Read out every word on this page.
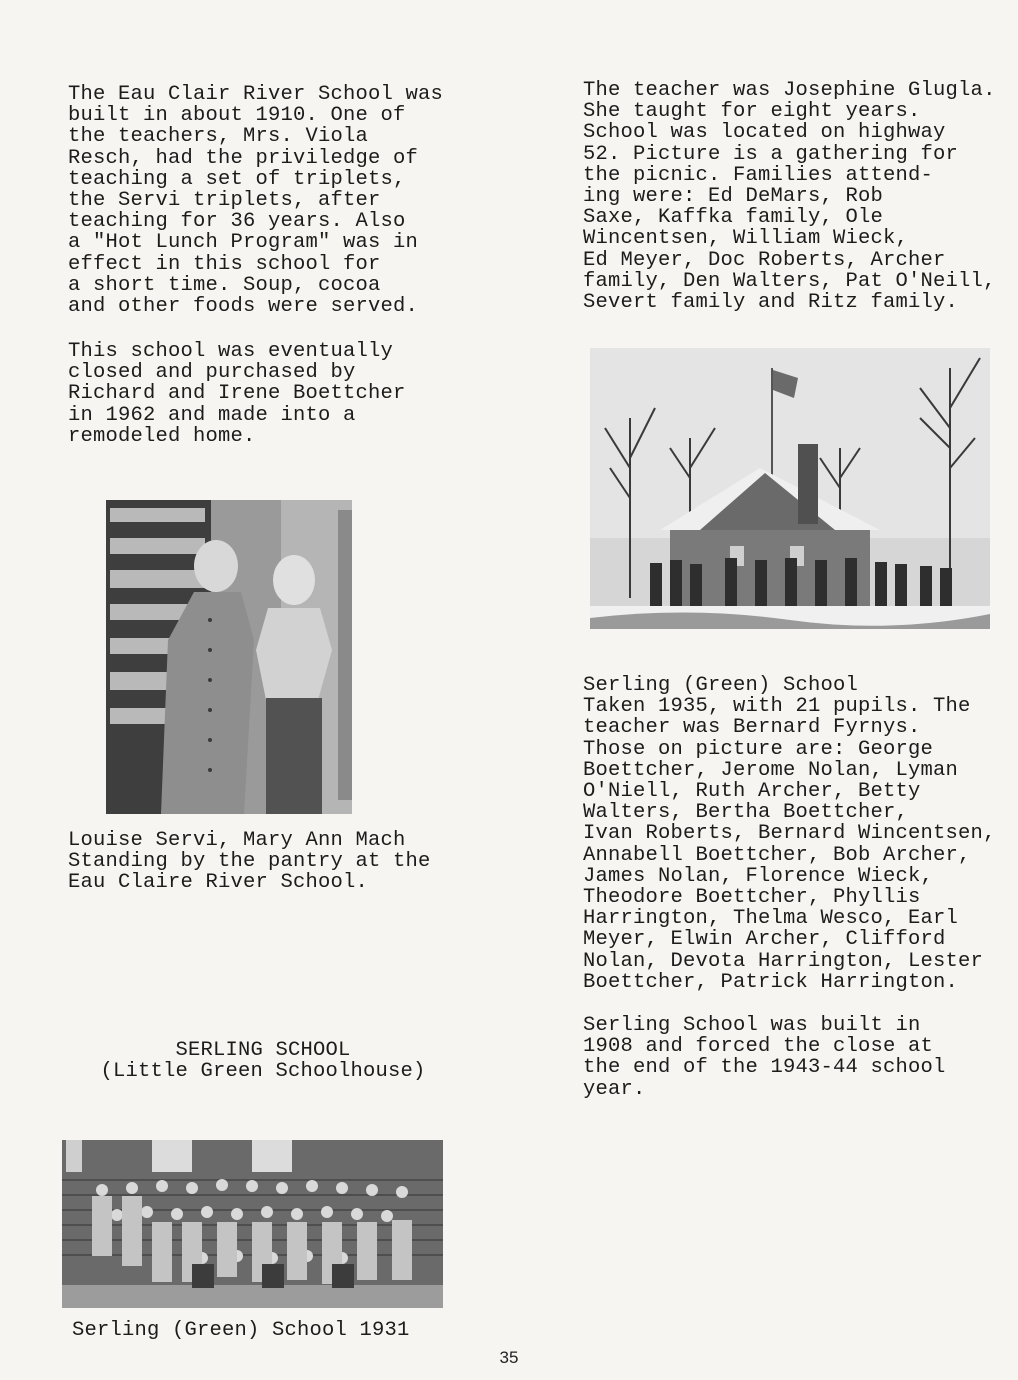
The Eau Clair River School was
built in about 1910. One of
the teachers, Mrs. Viola
Resch, had the priviledge of
teaching a set of triplets,
the Servi triplets, after
teaching for 36 years. Also
a "Hot Lunch Program" was in
effect in this school for
a short time. Soup, cocoa
and other foods were served.

This school was eventually
closed and purchased by
Richard and Irene Boettcher
in 1962 and made into a
remodeled home.

Louise Servi, Mary Ann Mach
Standing by the pantry at the
Eau Claire River School.

SERLING SCHOOL
(Little Green Schoolhouse)

Serling (Green) School 1931

The teacher was Josephine Glugla.
She taught for eight years.
School was located on highway
52. Picture is a gathering for
the picnic. Families attend-
ing were: Ed DeMars, Rob
Saxe, Kaffka family, Ole
Wincentsen, William Wieck,
Ed Meyer, Doc Roberts, Archer
family, Den Walters, Pat O'Neill,
Severt family and Ritz family.

Serling (Green) School
Taken 1935, with 21 pupils. The
teacher was Bernard Fyrnys.
Those on picture are: George
Boettcher, Jerome Nolan, Lyman
O'Niell, Ruth Archer, Betty
Walters, Bertha Boettcher,
Ivan Roberts, Bernard Wincentsen,
Annabell Boettcher, Bob Archer,
James Nolan, Florence Wieck,
Theodore Boettcher, Phyllis
Harrington, Thelma Wesco, Earl
Meyer, Elwin Archer, Clifford
Nolan, Devota Harrington, Lester
Boettcher, Patrick Harrington.

Serling School was built in
1908 and forced the close at
the end of the 1943-44 school
year.

35
